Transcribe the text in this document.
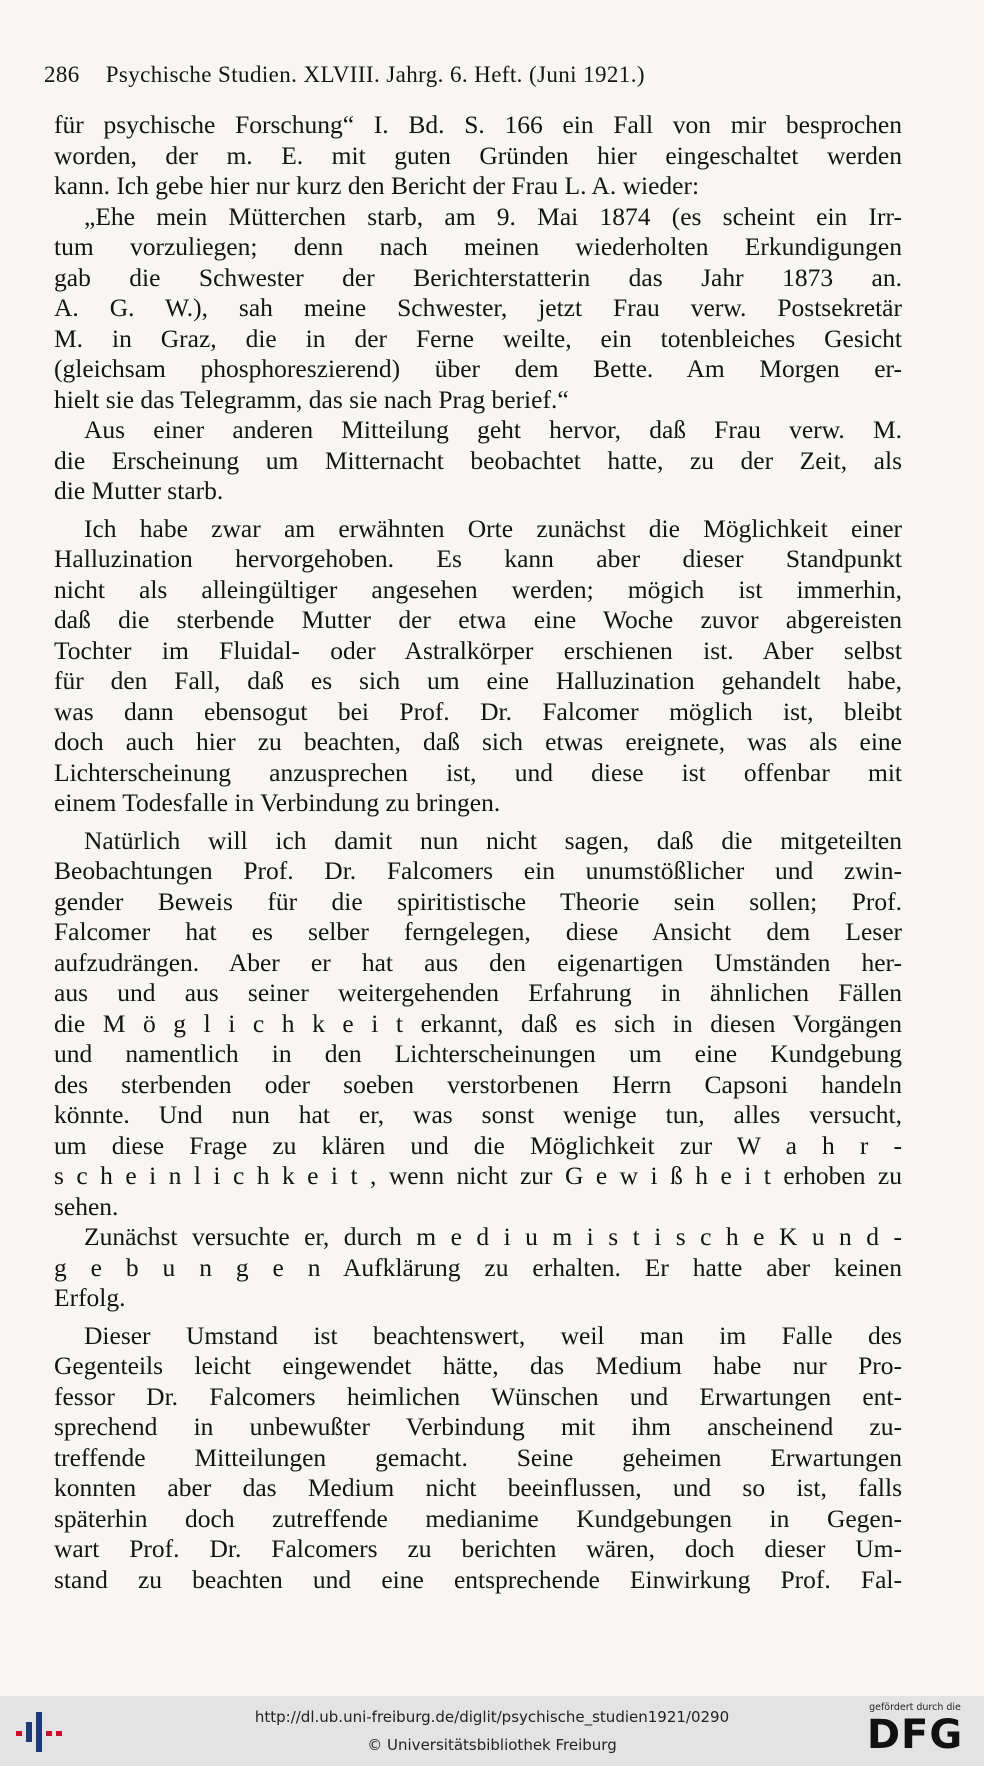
286 Psychische Studien. XLVIII. Jahrg. 6. Heft. (Juni 1921.)
für psychische Forschung“ I. Bd. S. 166 ein Fall von mir besprochen
worden, der m. E. mit guten Gründen hier eingeschaltet werden
kann. Ich gebe hier nur kurz den Bericht der Frau L. A. wieder:
„Ehe mein Mütterchen starb, am 9. Mai 1874 (es scheint ein Irr-
tum vorzuliegen; denn nach meinen wiederholten Erkundigungen
gab die Schwester der Berichterstatterin das Jahr 1873 an.
A. G. W.), sah meine Schwester, jetzt Frau verw. Postsekretär
M. in Graz, die in der Ferne weilte, ein totenbleiches Gesicht
(gleichsam phosphoreszierend) über dem Bette. Am Morgen er-
hielt sie das Telegramm, das sie nach Prag berief.“
Aus einer anderen Mitteilung geht hervor, daß Frau verw. M.
die Erscheinung um Mitternacht beobachtet hatte, zu der Zeit, als
die Mutter starb.
Ich habe zwar am erwähnten Orte zunächst die Möglichkeit einer
Halluzination hervorgehoben. Es kann aber dieser Standpunkt
nicht als alleingültiger angesehen werden; mögich ist immerhin,
daß die sterbende Mutter der etwa eine Woche zuvor abgereisten
Tochter im Fluidal- oder Astralkörper erschienen ist. Aber selbst
für den Fall, daß es sich um eine Halluzination gehandelt habe,
was dann ebensogut bei Prof. Dr. Falcomer möglich ist, bleibt
doch auch hier zu beachten, daß sich etwas ereignete, was als eine
Lichterscheinung anzusprechen ist, und diese ist offenbar mit
einem Todesfalle in Verbindung zu bringen.
Natürlich will ich damit nun nicht sagen, daß die mitgeteilten
Beobachtungen Prof. Dr. Falcomers ein unumstößlicher und zwin-
gender Beweis für die spiritistische Theorie sein sollen; Prof.
Falcomer hat es selber ferngelegen, diese Ansicht dem Leser
aufzudrängen. Aber er hat aus den eigenartigen Umständen her-
aus und aus seiner weitergehenden Erfahrung in ähnlichen Fällen
die M ö g l i c h k e i t erkannt, daß es sich in diesen Vorgängen
und namentlich in den Lichterscheinungen um eine Kundgebung
des sterbenden oder soeben verstorbenen Herrn Capsoni handeln
könnte. Und nun hat er, was sonst wenige tun, alles versucht,
um diese Frage zu klären und die Möglichkeit zur W a h r -
s c h e i n l i c h k e i t , wenn nicht zur G e w i ß h e i t erhoben zu
sehen.
Zunächst versuchte er, durch m e d i u m i s t i s c h e K u n d -
g e b u n g e n Aufklärung zu erhalten. Er hatte aber keinen
Erfolg.
Dieser Umstand ist beachtenswert, weil man im Falle des
Gegenteils leicht eingewendet hätte, das Medium habe nur Pro-
fessor Dr. Falcomers heimlichen Wünschen und Erwartungen ent-
sprechend in unbewußter Verbindung mit ihm anscheinend zu-
treffende Mitteilungen gemacht. Seine geheimen Erwartungen
konnten aber das Medium nicht beeinflussen, und so ist, falls
späterhin doch zutreffende medianime Kundgebungen in Gegen-
wart Prof. Dr. Falcomers zu berichten wären, doch dieser Um-
stand zu beachten und eine entsprechende Einwirkung Prof. Fal-
http://dl.ub.uni-freiburg.de/diglit/psychische_studien1921/0290
© Universitätsbibliothek Freiburg
gefördert durch die
DFG
